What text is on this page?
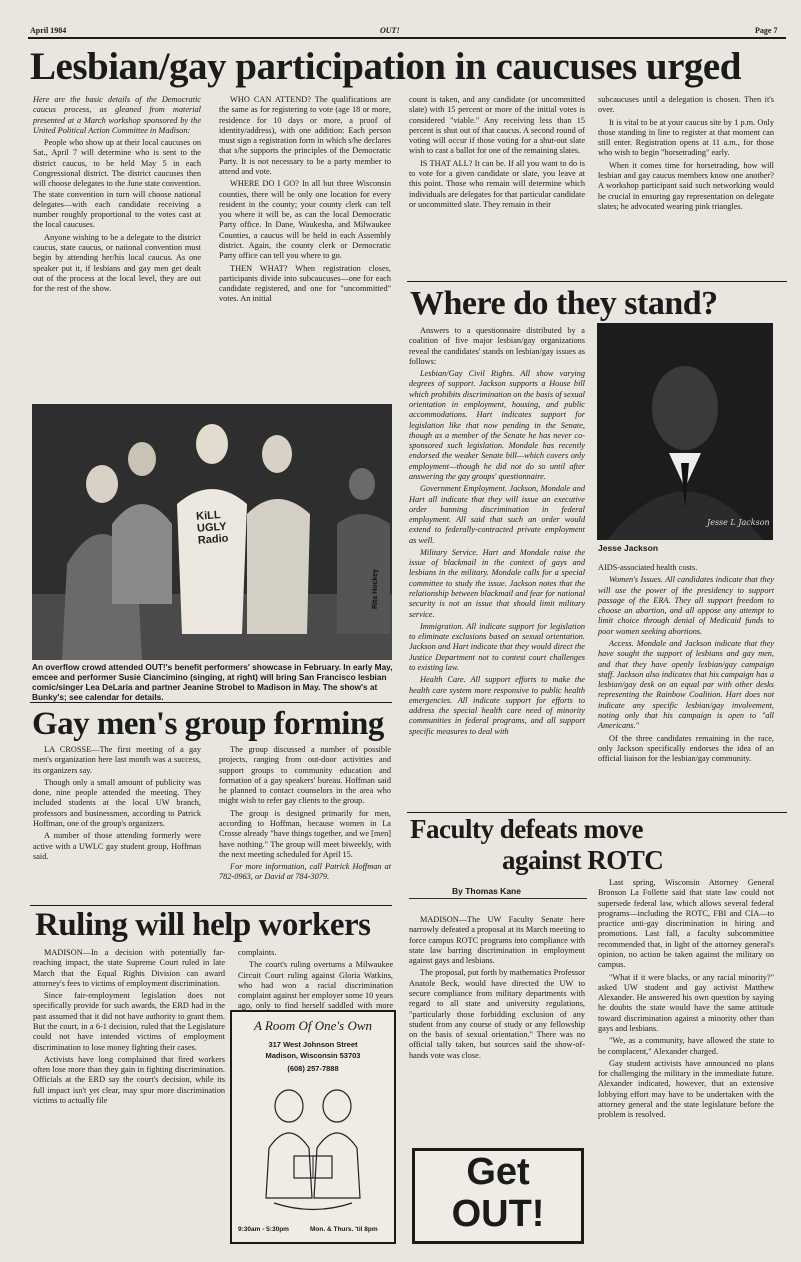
April 1984	OUT!	Page 7
Lesbian/gay participation in caucuses urged

Here are the basic details of the Democratic caucus process, as gleaned from material presented at a March workshop sponsored by the United Political Action Committee in Madison:

People who show up at their local caucuses on Sat., April 7 will determine who is sent to the district caucus, to be held May 5 in each Congressional district. The district caucuses then will choose delegates to the June state convention. The state convention in turn will choose national delegates—with each candidate receiving a number roughly proportional to the votes cast at the local caucuses.

Anyone wishing to be a delegate to the district caucus, state caucus, or national convention must begin by attending her/his local caucus. As one speaker put it, if lesbians and gay men get dealt out of the process at the local level, they are out for the rest of the show.

WHO CAN ATTEND? The qualifications are the same as for registering to vote (age 18 or more, residence for 10 days or more, a proof of identity/address), with one addition: Each person must sign a registration form in which s/he declares that s/he supports the principles of the Democratic Party. It is not necessary to be a party member to attend and vote.

WHERE DO I GO? In all but three Wisconsin counties, there will be only one location for every resident in the county; your county clerk can tell you where it will be, as can the local Democratic Party office. In Dane, Waukesha, and Milwaukee Counties, a caucus will be held in each Assembly district. Again, the county clerk or Democratic Party office can tell you where to go.

THEN WHAT? When registration closes, participants divide into subcaucuses—one for each candidate registered, and one for "uncommitted" votes. An initial

count is taken, and any candidate (or uncommitted slate) with 15 percent or more of the initial votes is considered "viable." Any receiving less than 15 percent is shut out of that caucus. A second round of voting will occur if those voting for a shut-out slate wish to cast a ballot for one of the remaining slates.

IS THAT ALL? It can be. If all you want to do is to vote for a given candidate or slate, you leave at this point. Those who remain will determine which individuals are delegates for that particular candidate or uncommitted slate. They remain in their

subcaucuses until a delegation is chosen. Then it's over.

It is vital to be at your caucus site by 1 p.m. Only those standing in line to register at that moment can still enter. Registration opens at 11 a.m., for those who wish to begin "horsetrading" early.

When it comes time for horsetrading, how will lesbian and gay caucus members know one another? A workshop participant said such networking would be crucial in ensuring gay representation on delegate slates; he advocated wearing pink triangles.

KiLL UGLY Radio
Rita Hockey
An overflow crowd attended OUT!'s benefit performers' showcase in February. In early May, emcee and performer Susie Ciancimino (singing, at right) will bring San Francisco lesbian comic/singer Lea DeLaria and partner Jeanine Strobel to Madison in May. The show's at Bunky's; see calendar for details.
Where do they stand?

Answers to a questionnaire distributed by a coalition of five major lesbian/gay organizations reveal the candidates' stands on lesbian/gay issues as follows:

Lesbian/Gay Civil Rights. All show varying degrees of support. Jackson supports a House bill which prohibits discrimination on the basis of sexual orientation in employment, housing, and public accommodations. Hart indicates support for legislation like that now pending in the Senate, though as a member of the Senate he has never co-sponsored such legislation. Mondale has recently endorsed the weaker Senate bill—which covers only employment—though he did not do so until after answering the gay groups' questionnaire.

Government Employment. Jackson, Mondale and Hart all indicate that they will issue an executive order banning discrimination in federal employment. All said that such an order would extend to federally-contracted private employment as well.

Military Service. Hart and Mondale raise the issue of blackmail in the context of gays and lesbians in the military. Mondale calls for a special committee to study the issue. Jackson notes that the relationship between blackmail and fear for national security is not an issue that should limit military service.

Immigration. All indicate support for legislation to eliminate exclusions based on sexual orientation. Jackson and Hart indicate that they would direct the Justice Department not to contest court challenges to existing law.

Health Care. All support efforts to make the health care system more responsive to public health emergencies. All indicate support for efforts to address the special health care need of minority communities in federal programs, and all support specific measures to deal with

Jesse L Jackson
Jesse Jackson

AIDS-associated health costs.

Women's Issues. All candidates indicate that they will use the power of the presidency to support passage of the ERA. They all support freedom to choose an abortion, and all oppose any attempt to limit choice through denial of Medicaid funds to poor women seeking abortions.

Access. Mondale and Jackson indicate that they have sought the support of lesbians and gay men, and that they have openly lesbian/gay campaign staff. Jackson also indicates that his campaign has a lesbian/gay desk on an equal par with other desks representing the Rainbow Coalition. Hart does not indicate any specific lesbian/gay involvement, noting only that his campaign is open to "all Americans."

Of the three candidates remaining in the race, only Jackson specifically endorses the idea of an official liaison for the lesbian/gay community.

Gay men's group forming

LA CROSSE—The first meeting of a gay men's organization here last month was a success, its organizers say.

Though only a small amount of publicity was done, nine people attended the meeting. They included students at the local UW branch, professors and businessmen, according to Patrick Hoffman, one of the group's organizers.

A number of those attending formerly were active with a UWLC gay student group, Hoffman said.

The group discussed a number of possible projects, ranging from out-door activities and support groups to community education and formation of a gay speakers' bureau. Hoffman said he planned to contact counselors in the area who might wish to refer gay clients to the group.

The group is designed primarily for men, according to Hoffman, because women in La Crosse already "have things together, and we [men] have nothing." The group will meet biweekly, with the next meeting scheduled for April 15.

For more information, call Patrick Hoffman at 782-0963, or David at 784-3079.

Ruling will help workers

MADISON—In a decision with potentially far-reaching impact, the state Supreme Court ruled in late March that the Equal Rights Division can award attorney's fees to victims of employment discrimination.

Since fair-employment legislation does not specifically provide for such awards, the ERD had in the past assumed that it did not have authority to grant them. But the court, in a 6-1 decision, ruled that the Legislature could not have intended victims of employment discrimination to lose money fighting their cases.

Activists have long complained that fired workers often lose more than they gain in fighting discrimination. Officials at the ERD say the court's decision, while its full impact isn't yet clear, may spur more discrimination victims to actually file

complaints.

The court's ruling overturns a Milwaukee Circuit Court ruling against Gloria Watkins, who had won a racial discrimination complaint against her employer some 10 years ago, only to find herself saddled with more

A Room Of One's Own
317 West Johnson Street
Madison, Wisconsin 53703
(608) 257-7888
9:30am - 5:30pm	Mon. & Thurs. 'til 8pm
Faculty defeats move
against ROTC
By Thomas Kane

MADISON—The UW Faculty Senate here narrowly defeated a proposal at its March meeting to force campus ROTC programs into compliance with state law barring discrimination in employment against gays and lesbians.

The proposal, put forth by mathematics Professor Anatole Beck, would have directed the UW to secure compliance from military departments with regard to all state and university regulations, "particularly those forbidding exclusion of any student from any course of study or any fellowship on the basis of sexual orientation." There was no official tally taken, but sources said the show-of-hands vote was close.

Last spring, Wisconsin Attorney General Bronson La Follette said that state law could not supersede federal law, which allows several federal programs—including the ROTC, FBI and CIA—to practice anti-gay discrimination in hiring and promotions. Last fall, a faculty subcommittee recommended that, in light of the attorney general's opinion, no action be taken against the military on campus.

"What if it were blacks, or any racial minority?" asked UW student and gay activist Matthew Alexander. He answered his own question by saying he doubts the state would have the same attitude toward discrimination against a minority other than gays and lesbians.

"We, as a community, have allowed the state to be complacent," Alexander charged.

Gay student activists have announced no plans for challenging the military in the immediate future. Alexander indicated, however, that an extensive lobbying effort may have to be undertaken with the attorney general and the state legislature before the problem is resolved.

Get
OUT!
